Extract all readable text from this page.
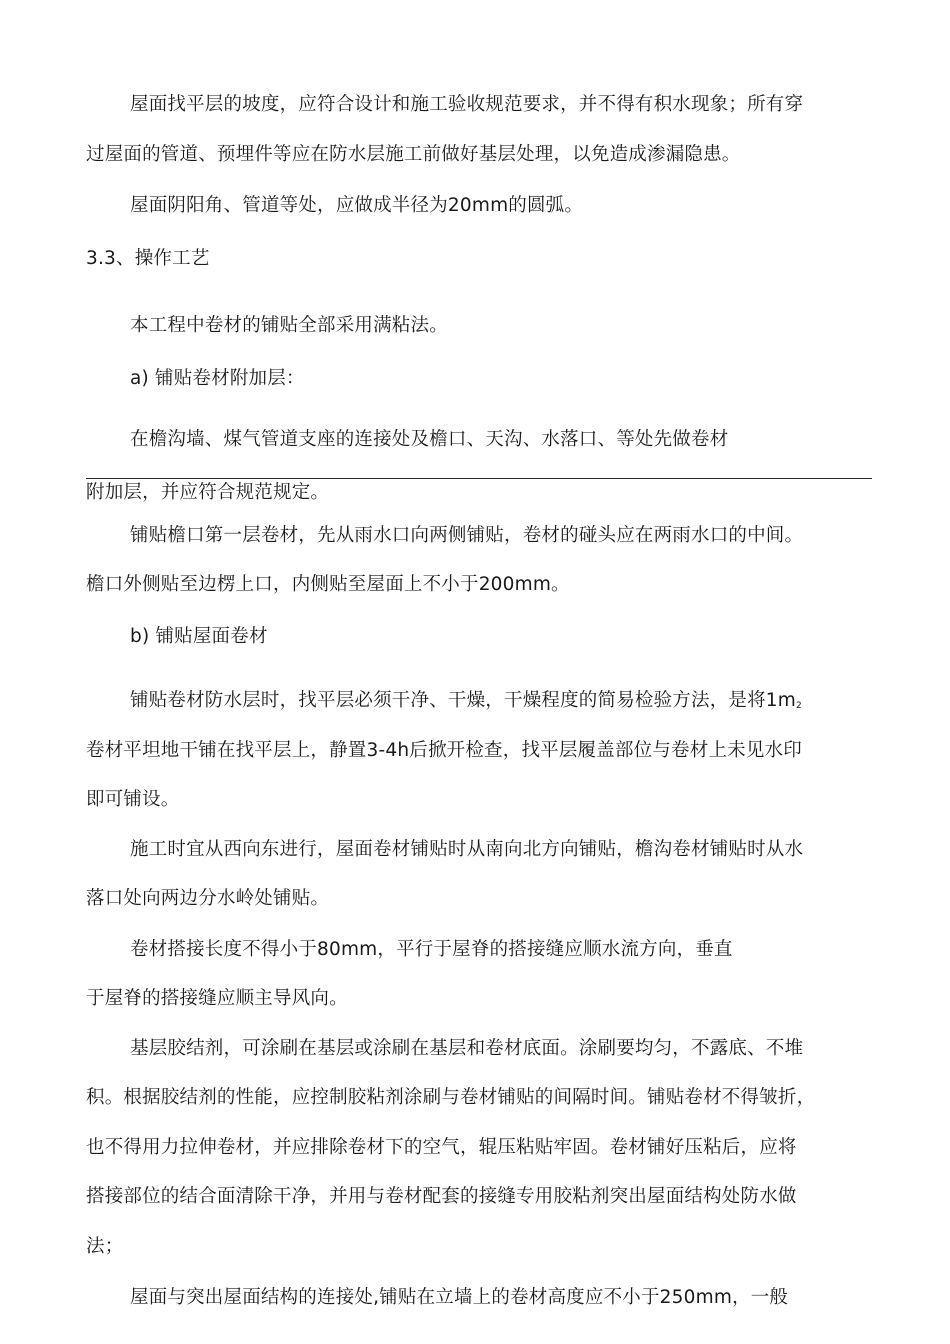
屋面找平层的坡度，应符合设计和施工验收规范要求，并不得有积水现象；所有穿
过屋面的管道、预埋件等应在防水层施工前做好基层处理，以免造成渗漏隐患。
屋面阴阳角、管道等处，应做成半径为20mm的圆弧。
3.3、操作工艺
本工程中卷材的铺贴全部采用满粘法。
a) 铺贴卷材附加层：
在檐沟墙、煤气管道支座的连接处及檐口、天沟、水落口、等处先做卷材
附加层，并应符合规范规定。
铺贴檐口第一层卷材，先从雨水口向两侧铺贴，卷材的碰头应在两雨水口的中间。
檐口外侧贴至边楞上口，内侧贴至屋面上不小于200mm。
b) 铺贴屋面卷材
铺贴卷材防水层时，找平层必须干净、干燥，干燥程度的简易检验方法，是将$1m_2$
卷材平坦地干铺在找平层上，静置3-4h后掀开检查，找平层履盖部位与卷材上未见水印
即可铺设。
施工时宜从西向东进行，屋面卷材铺贴时从南向北方向铺贴，檐沟卷材铺贴时从水
落口处向两边分水岭处铺贴。
卷材搭接长度不得小于80mm，平行于屋脊的搭接缝应顺水流方向，垂直
于屋脊的搭接缝应顺主导风向。
基层胶结剂，可涂刷在基层或涂刷在基层和卷材底面。涂刷要均匀，不露底、不堆
积。根据胶结剂的性能，应控制胶粘剂涂刷与卷材铺贴的间隔时间。铺贴卷材不得皱折，
也不得用力拉伸卷材，并应排除卷材下的空气，辊压粘贴牢固。卷材铺好压粘后，应将
搭接部位的结合面清除干净，并用与卷材配套的接缝专用胶粘剂突出屋面结构处防水做
法；
屋面与突出屋面结构的连接处,铺贴在立墙上的卷材高度应不小于250mm，一般
